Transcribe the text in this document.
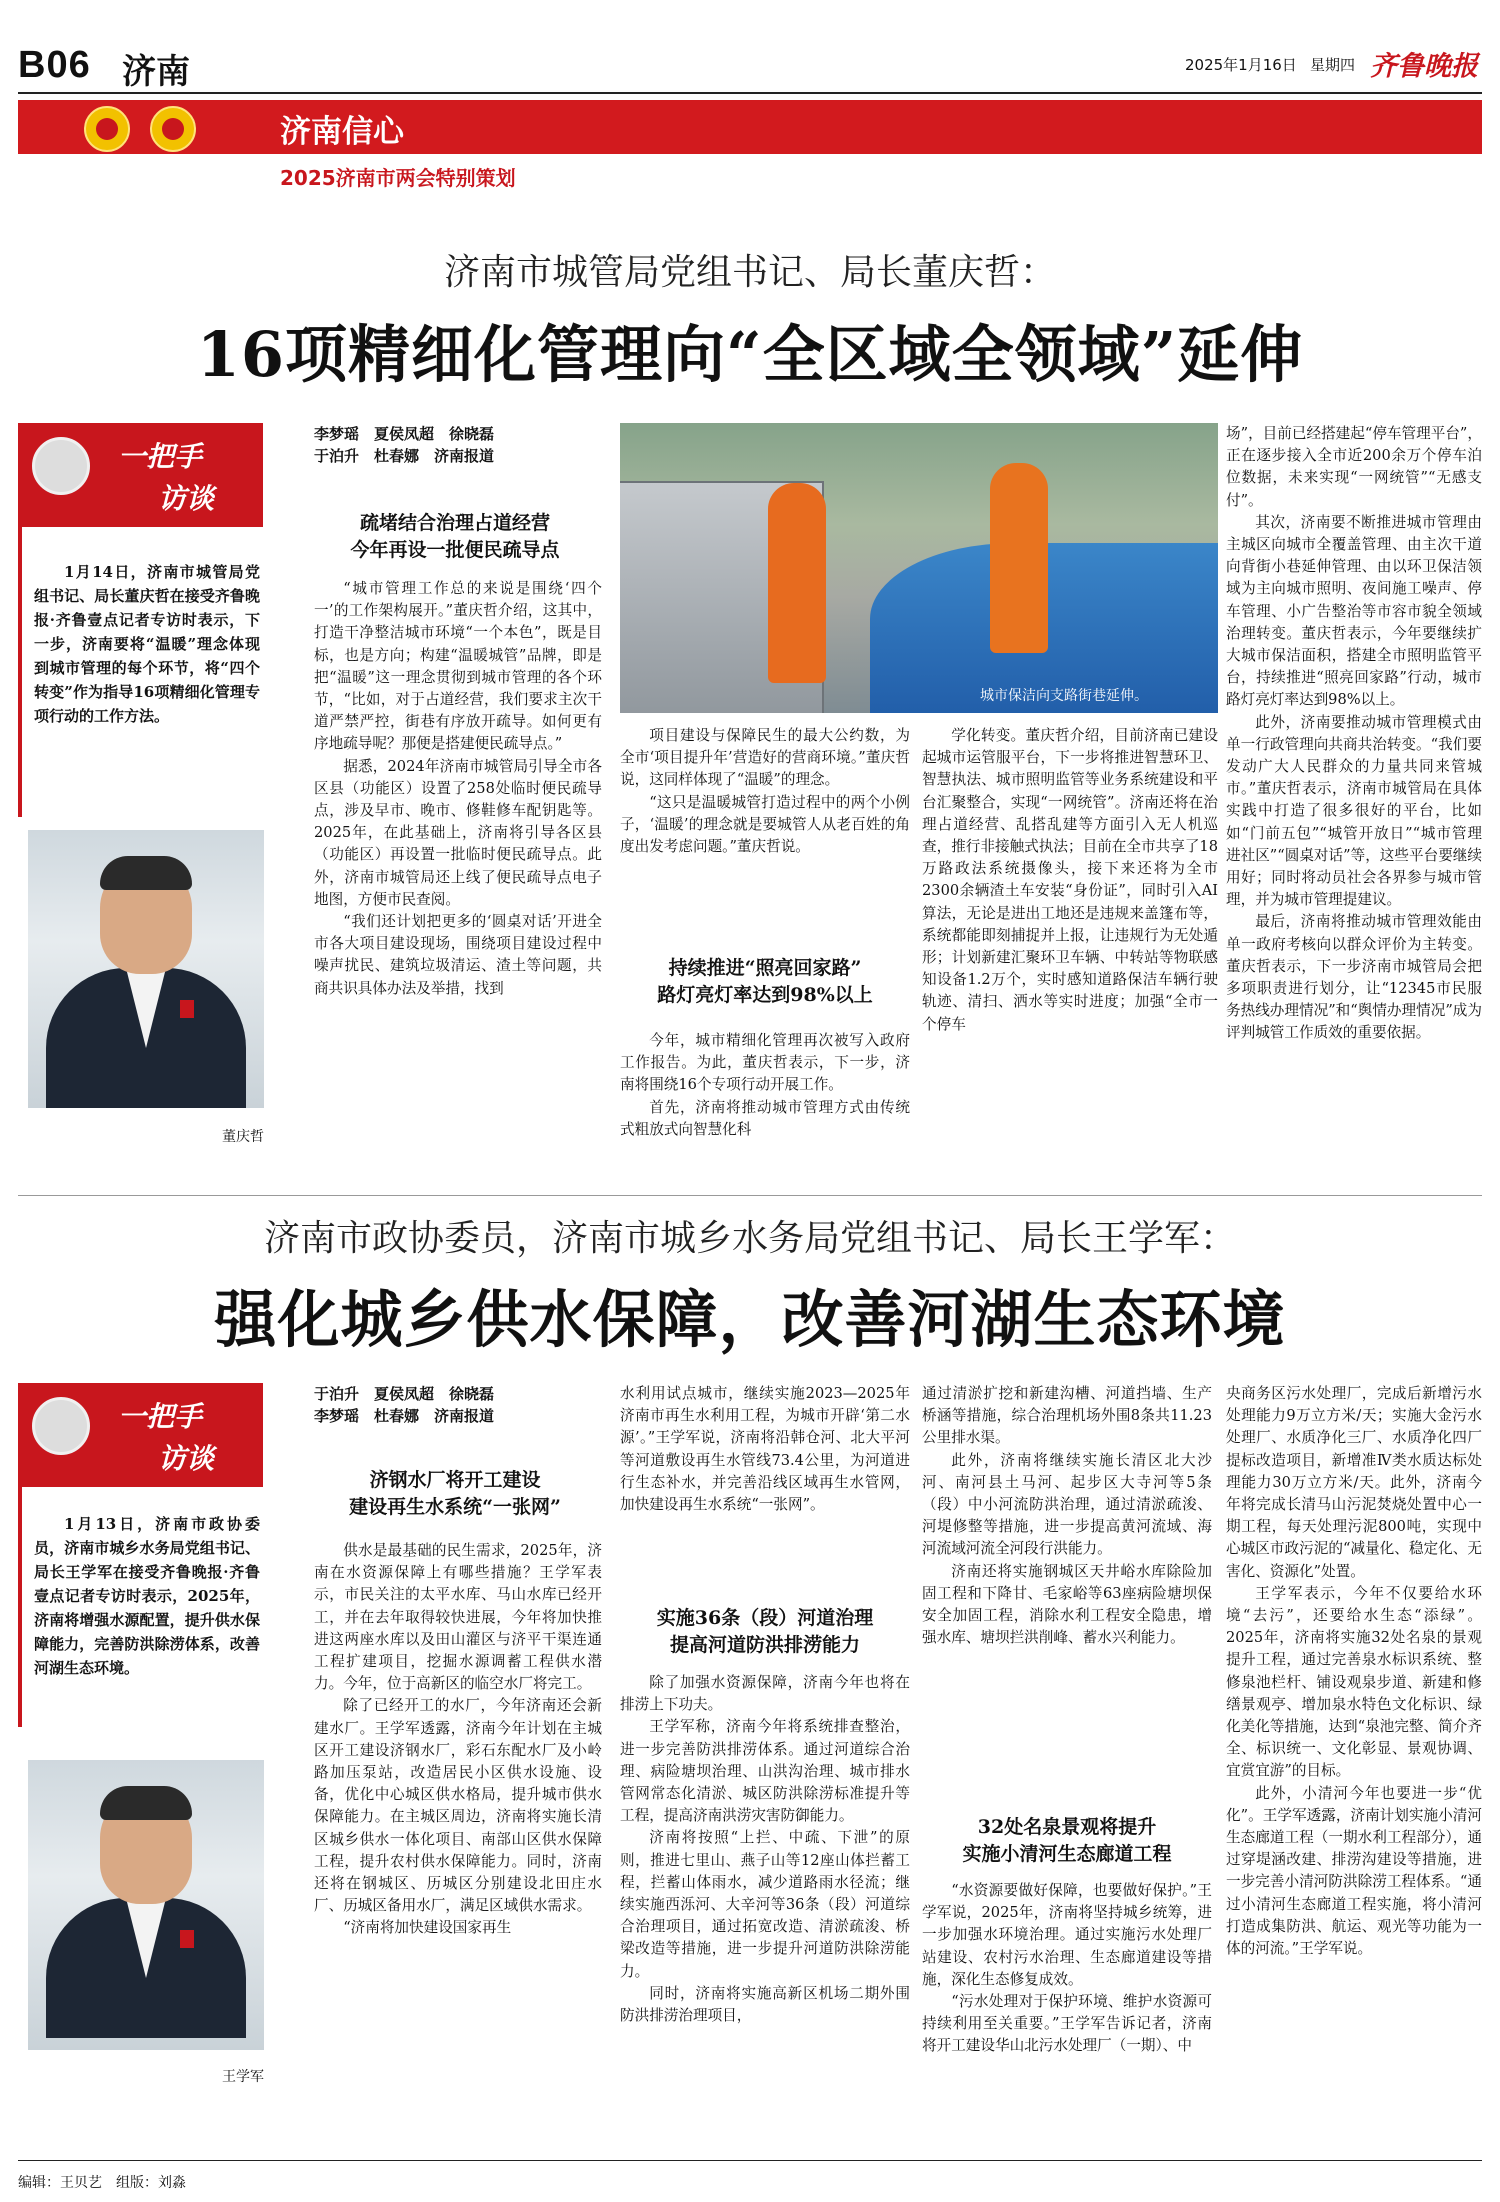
B06 济南	2025年1月16日 星期四 齐鲁晚报
济南信心
2025济南市两会特别策划
济南市城管局党组书记、局长董庆哲：
16项精细化管理向“全区域全领域”延伸
一把手
访谈
1月14日，济南市城管局党组书记、局长董庆哲在接受齐鲁晚报·齐鲁壹点记者专访时表示，下一步，济南要将“温暖”理念体现到城市管理的每个环节，将“四个转变”作为指导16项精细化管理专项行动的工作方法。
董庆哲
李梦瑶　夏侯凤超　徐晓磊
于泊升　杜春娜　济南报道
疏堵结合治理占道经营
今年再设一批便民疏导点

“城市管理工作总的来说是围绕‘四个一’的工作架构展开。”董庆哲介绍，这其中，打造干净整洁城市环境“一个本色”，既是目标，也是方向；构建“温暖城管”品牌，即是把“温暖”这一理念贯彻到城市管理的各个环节，“比如，对于占道经营，我们要求主次干道严禁严控，街巷有序放开疏导。如何更有序地疏导呢？那便是搭建便民疏导点。”

据悉，2024年济南市城管局引导全市各区县（功能区）设置了258处临时便民疏导点，涉及早市、晚市、修鞋修车配钥匙等。2025年，在此基础上，济南将引导各区县（功能区）再设置一批临时便民疏导点。此外，济南市城管局还上线了便民疏导点电子地图，方便市民查阅。

“我们还计划把更多的‘圆桌对话’开进全市各大项目建设现场，围绕项目建设过程中噪声扰民、建筑垃圾清运、渣土等问题，共商共识具体办法及举措，找到

城市保洁向支路街巷延伸。

项目建设与保障民生的最大公约数，为全市‘项目提升年’营造好的营商环境。”董庆哲说，这同样体现了“温暖”的理念。

“这只是温暖城管打造过程中的两个小例子，‘温暖’的理念就是要城管人从老百姓的角度出发考虑问题。”董庆哲说。

持续推进“照亮回家路”
路灯亮灯率达到98%以上

今年，城市精细化管理再次被写入政府工作报告。为此，董庆哲表示，下一步，济南将围绕16个专项行动开展工作。

首先，济南将推动城市管理方式由传统式粗放式向智慧化科

学化转变。董庆哲介绍，目前济南已建设起城市运管服平台，下一步将推进智慧环卫、智慧执法、城市照明监管等业务系统建设和平台汇聚整合，实现“一网统管”。济南还将在治理占道经营、乱搭乱建等方面引入无人机巡查，推行非接触式执法；目前在全市共享了18万路政法系统摄像头，接下来还将为全市2300余辆渣土车安装“身份证”，同时引入AI算法，无论是进出工地还是违规来盖篷布等，系统都能即刻捕捉并上报，让违规行为无处遁形；计划新建汇聚环卫车辆、中转站等物联感知设备1.2万个，实时感知道路保洁车辆行驶轨迹、清扫、洒水等实时进度；加强“全市一个停车

场”，目前已经搭建起“停车管理平台”，正在逐步接入全市近200余万个停车泊位数据，未来实现“一网统管”“无感支付”。

其次，济南要不断推进城市管理由主城区向城市全覆盖管理、由主次干道向背街小巷延伸管理、由以环卫保洁领域为主向城市照明、夜间施工噪声、停车管理、小广告整治等市容市貌全领域治理转变。董庆哲表示，今年要继续扩大城市保洁面积，搭建全市照明监管平台，持续推进“照亮回家路”行动，城市路灯亮灯率达到98%以上。

此外，济南要推动城市管理模式由单一行政管理向共商共治转变。“我们要发动广大人民群众的力量共同来管城市。”董庆哲表示，济南市城管局在具体实践中打造了很多很好的平台，比如如“门前五包”“城管开放日”“城市管理进社区”“圆桌对话”等，这些平台要继续用好；同时将动员社会各界参与城市管理，并为城市管理提建议。

最后，济南将推动城市管理效能由单一政府考核向以群众评价为主转变。董庆哲表示，下一步济南市城管局会把多项职责进行划分，让“12345市民服务热线办理情况”和“舆情办理情况”成为评判城管工作质效的重要依据。

济南市政协委员，济南市城乡水务局党组书记、局长王学军：
强化城乡供水保障，改善河湖生态环境
一把手
访谈
1月13日，济南市政协委员，济南市城乡水务局党组书记、局长王学军在接受齐鲁晚报·齐鲁壹点记者专访时表示，2025年，济南将增强水源配置，提升供水保障能力，完善防洪除涝体系，改善河湖生态环境。
王学军
于泊升　夏侯凤超　徐晓磊
李梦瑶　杜春娜　济南报道
济钢水厂将开工建设
建设再生水系统“一张网”

供水是最基础的民生需求，2025年，济南在水资源保障上有哪些措施？王学军表示，市民关注的太平水库、马山水库已经开工，并在去年取得较快进展，今年将加快推进这两座水库以及田山灌区与济平干渠连通工程扩建项目，挖掘水源调蓄工程供水潜力。今年，位于高新区的临空水厂将完工。

除了已经开工的水厂，今年济南还会新建水厂。王学军透露，济南今年计划在主城区开工建设济钢水厂，彩石东配水厂及小岭路加压泵站，改造居民小区供水设施、设备，优化中心城区供水格局，提升城市供水保障能力。在主城区周边，济南将实施长清区城乡供水一体化项目、南部山区供水保障工程，提升农村供水保障能力。同时，济南还将在钢城区、历城区分别建设北田庄水厂、历城区备用水厂，满足区域供水需求。

“济南将加快建设国家再生

水利用试点城市，继续实施2023—2025年济南市再生水利用工程，为城市开辟‘第二水源’。”王学军说，济南将沿韩仓河、北大平河等河道敷设再生水管线73.4公里，为河道进行生态补水，并完善沿线区域再生水管网，加快建设再生水系统“一张网”。

实施36条（段）河道治理
提高河道防洪排涝能力

除了加强水资源保障，济南今年也将在排涝上下功夫。

王学军称，济南今年将系统排查整治，进一步完善防洪排涝体系。通过河道综合治理、病险塘坝治理、山洪沟治理、城市排水管网常态化清淤、城区防洪除涝标准提升等工程，提高济南洪涝灾害防御能力。

济南将按照“上拦、中疏、下泄”的原则，推进七里山、燕子山等12座山体拦蓄工程，拦蓄山体雨水，减少道路雨水径流；继续实施西泺河、大辛河等36条（段）河道综合治理项目，通过拓宽改造、清淤疏浚、桥梁改造等措施，进一步提升河道防洪除涝能力。

同时，济南将实施高新区机场二期外围防洪排涝治理项目，

通过清淤扩挖和新建沟槽、河道挡墙、生产桥涵等措施，综合治理机场外围8条共11.23公里排水渠。

此外，济南将继续实施长清区北大沙河、南河县土马河、起步区大寺河等5条（段）中小河流防洪治理，通过清淤疏浚、河堤修整等措施，进一步提高黄河流域、海河流域河流全河段行洪能力。

济南还将实施钢城区天井峪水库除险加固工程和下降甘、毛家峪等63座病险塘坝保安全加固工程，消除水利工程安全隐患，增强水库、塘坝拦洪削峰、蓄水兴利能力。

32处名泉景观将提升
实施小清河生态廊道工程

“水资源要做好保障，也要做好保护。”王学军说，2025年，济南将坚持城乡统筹，进一步加强水环境治理。通过实施污水处理厂站建设、农村污水治理、生态廊道建设等措施，深化生态修复成效。

“污水处理对于保护环境、维护水资源可持续利用至关重要。”王学军告诉记者，济南将开工建设华山北污水处理厂（一期）、中

央商务区污水处理厂，完成后新增污水处理能力9万立方米/天；实施大金污水处理厂、水质净化三厂、水质净化四厂提标改造项目，新增准Ⅳ类水质达标处理能力30万立方米/天。此外，济南今年将完成长清马山污泥焚烧处置中心一期工程，每天处理污泥800吨，实现中心城区市政污泥的“减量化、稳定化、无害化、资源化”处置。

王学军表示，今年不仅要给水环境“去污”，还要给水生态“添绿”。2025年，济南将实施32处名泉的景观提升工程，通过完善泉水标识系统、整修泉池栏杆、铺设观泉步道、新建和修缮景观亭、增加泉水特色文化标识、绿化美化等措施，达到“泉池完整、简介齐全、标识统一、文化彰显、景观协调、宜赏宜游”的目标。

此外，小清河今年也要进一步“优化”。王学军透露，济南计划实施小清河生态廊道工程（一期水利工程部分），通过穿堤涵改建、排涝沟建设等措施，进一步完善小清河防洪除涝工程体系。“通过小清河生态廊道工程实施，将小清河打造成集防洪、航运、观光等功能为一体的河流。”王学军说。

编辑：王贝艺　组版：刘淼
